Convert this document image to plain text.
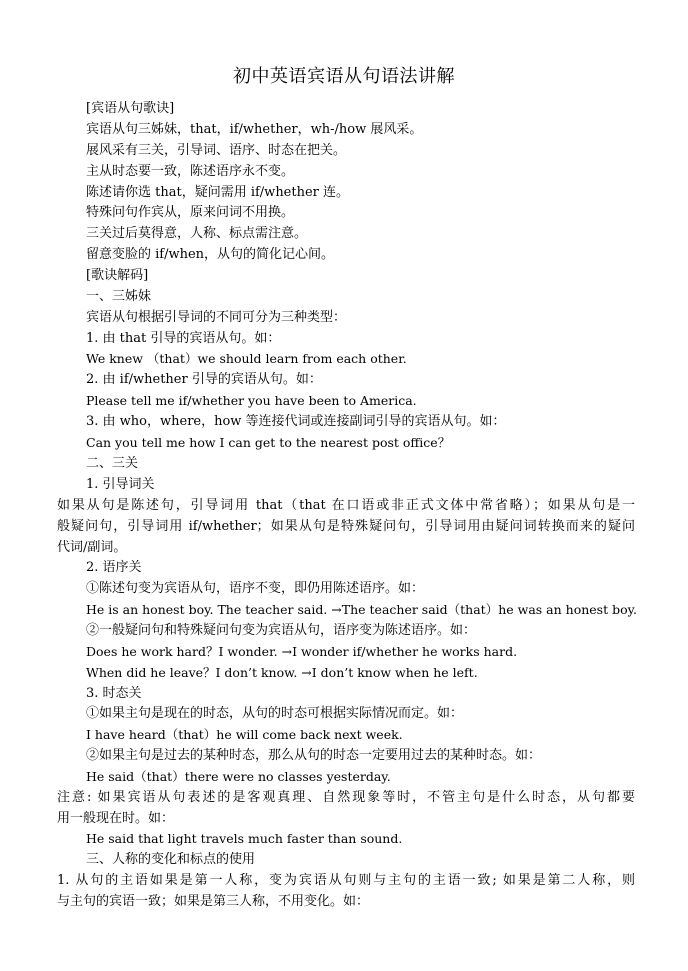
初中英语宾语从句语法讲解
[宾语从句歌诀]
宾语从句三姊妹，that，if/whether，wh-/how 展风采。
展风采有三关，引导词、语序、时态在把关。
主从时态要一致，陈述语序永不变。
陈述请你选 that，疑问需用 if/whether 连。
特殊问句作宾从，原来问词不用换。
三关过后莫得意，人称、标点需注意。
留意变脸的 if/when，从句的简化记心间。
[歌诀解码]
一、三姊妹
宾语从句根据引导词的不同可分为三种类型：
1. 由 that 引导的宾语从句。如：
We knew （that）we should learn from each other.
2. 由 if/whether 引导的宾语从句。如：
Please tell me if/whether you have been to America.
3. 由 who，where，how 等连接代词或连接副词引导的宾语从句。如：
Can you tell me how I can get to the nearest post office？
二、三关
1. 引导词关
如果从句是陈述句，引导词用 that（that 在口语或非正式文体中常省略）；如果从句是一
般疑问句，引导词用 if/whether；如果从句是特殊疑问句，引导词用由疑问词转换而来的疑问
代词/副词。
2. 语序关
①陈述句变为宾语从句，语序不变，即仍用陈述语序。如：
He is an honest boy. The teacher said. →The teacher said（that）he was an honest boy.
②一般疑问句和特殊疑问句变为宾语从句，语序变为陈述语序。如：
Does he work hard？I wonder. →I wonder if/whether he works hard.
When did he leave？I don’t know. →I don’t know when he left.
3. 时态关
①如果主句是现在的时态，从句的时态可根据实际情况而定。如：
I have heard（that）he will come back next week.
②如果主句是过去的某种时态，那么从句的时态一定要用过去的某种时态。如：
He said（that）there were no classes yesterday.
注意: 如果宾语从句表述的是客观真理、自然现象等时，不管主句是什么时态，从句都要
用一般现在时。如：
He said that light travels much faster than sound.
三、人称的变化和标点的使用
1. 从句的主语如果是第一人称，变为宾语从句则与主句的主语一致; 如果是第二人称，则
与主句的宾语一致；如果是第三人称，不用变化。如：
